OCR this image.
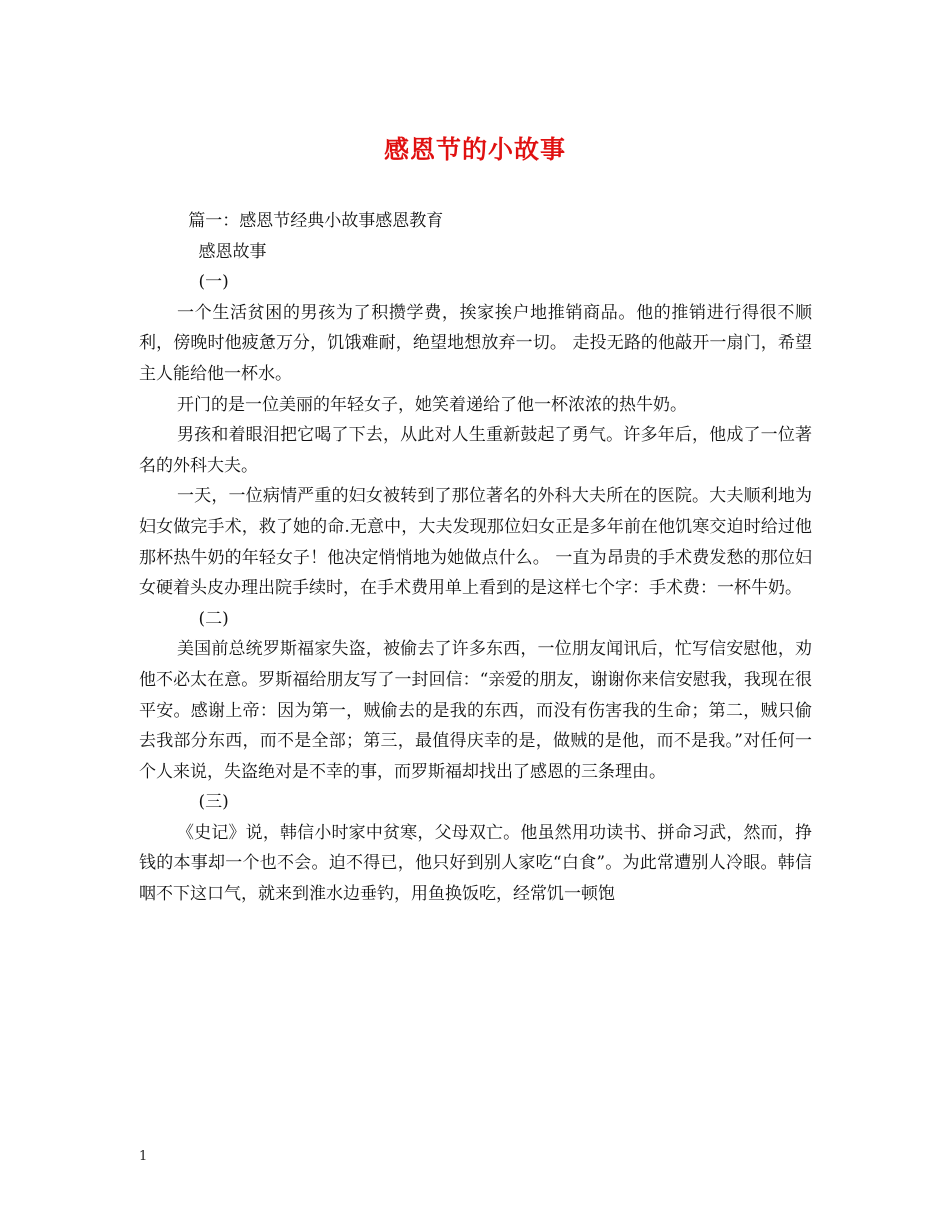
感恩节的小故事

篇一：感恩节经典小故事感恩教育

感恩故事

(一)

一个生活贫困的男孩为了积攒学费，挨家挨户地推销商品。他的推销进行得很不顺利，傍晚时他疲惫万分，饥饿难耐，绝望地想放弃一切。 走投无路的他敲开一扇门，希望主人能给他一杯水。

开门的是一位美丽的年轻女子，她笑着递给了他一杯浓浓的热牛奶。

男孩和着眼泪把它喝了下去，从此对人生重新鼓起了勇气。许多年后，他成了一位著名的外科大夫。

一天，一位病情严重的妇女被转到了那位著名的外科大夫所在的医院。大夫顺利地为妇女做完手术，救了她的命.无意中，大夫发现那位妇女正是多年前在他饥寒交迫时给过他那杯热牛奶的年轻女子！他决定悄悄地为她做点什么。 一直为昂贵的手术费发愁的那位妇女硬着头皮办理出院手续时，在手术费用单上看到的是这样七个字：手术费：一杯牛奶。

(二)

美国前总统罗斯福家失盗，被偷去了许多东西，一位朋友闻讯后，忙写信安慰他，劝他不必太在意。罗斯福给朋友写了一封回信：“亲爱的朋友，谢谢你来信安慰我，我现在很平安。感谢上帝：因为第一，贼偷去的是我的东西，而没有伤害我的生命；第二，贼只偷去我部分东西，而不是全部；第三，最值得庆幸的是，做贼的是他，而不是我。”对任何一个人来说，失盗绝对是不幸的事，而罗斯福却找出了感恩的三条理由。

(三)

《史记》说，韩信小时家中贫寒，父母双亡。他虽然用功读书、拼命习武，然而，挣钱的本事却一个也不会。迫不得已，他只好到别人家吃“白食”。为此常遭别人冷眼。韩信咽不下这口气，就来到淮水边垂钓，用鱼换饭吃，经常饥一顿饱

1
